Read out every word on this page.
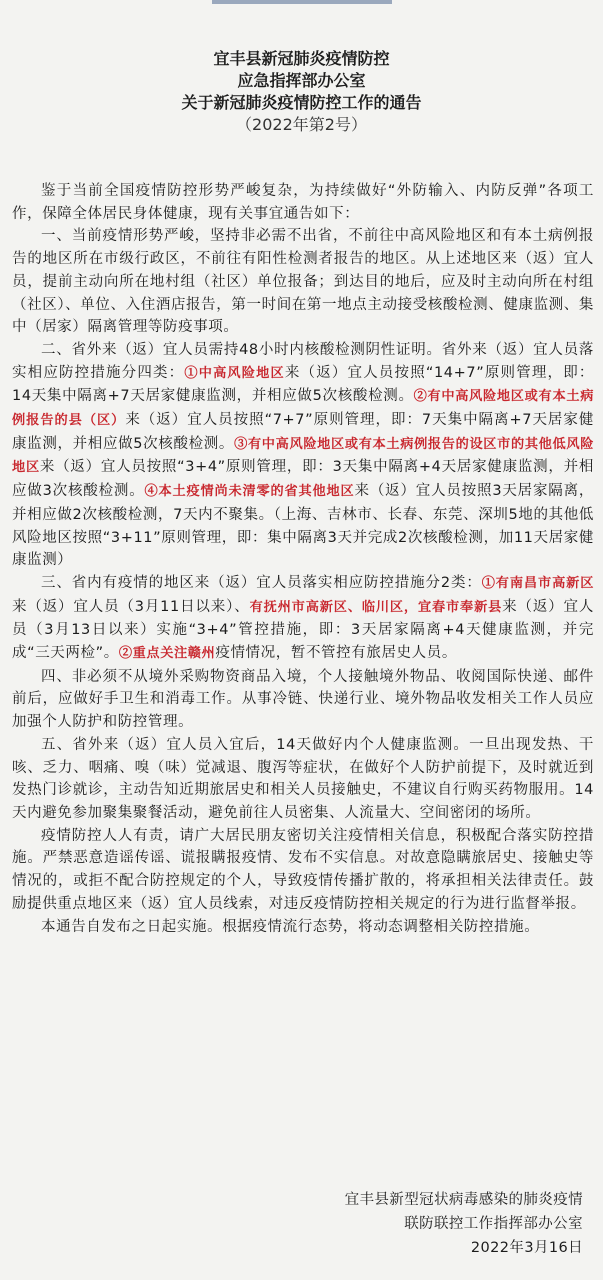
宜丰县新冠肺炎疫情防控
应急指挥部办公室
关于新冠肺炎疫情防控工作的通告
（2022年第2号）

鉴于当前全国疫情防控形势严峻复杂，为持续做好“外防输入、内防反弹”各项工作，保障全体居民身体健康，现有关事宜通告如下：

一、当前疫情形势严峻，坚持非必需不出省，不前往中高风险地区和有本土病例报告的地区所在市级行政区，不前往有阳性检测者报告的地区。从上述地区来（返）宜人员，提前主动向所在地村组（社区）单位报备；到达目的地后，应及时主动向所在村组（社区）、单位、入住酒店报告，第一时间在第一地点主动接受核酸检测、健康监测、集中（居家）隔离管理等防疫事项。

二、省外来（返）宜人员需持48小时内核酸检测阴性证明。省外来（返）宜人员落实相应防控措施分四类：①中高风险地区来（返）宜人员按照“14+7”原则管理，即：14天集中隔离+7天居家健康监测，并相应做5次核酸检测。②有中高风险地区或有本土病例报告的县（区）来（返）宜人员按照“7+7”原则管理，即：7天集中隔离+7天居家健康监测，并相应做5次核酸检测。③有中高风险地区或有本土病例报告的设区市的其他低风险地区来（返）宜人员按照“3+4”原则管理，即：3天集中隔离+4天居家健康监测，并相应做3次核酸检测。④本土疫情尚未清零的省其他地区来（返）宜人员按照3天居家隔离，并相应做2次核酸检测，7天内不聚集。（上海、吉林市、长春、东莞、深圳5地的其他低风险地区按照“3+11”原则管理，即：集中隔离3天并完成2次核酸检测，加11天居家健康监测）

三、省内有疫情的地区来（返）宜人员落实相应防控措施分2类：①有南昌市高新区来（返）宜人员（3月11日以来）、有抚州市高新区、临川区，宜春市奉新县来（返）宜人员（3月13日以来）实施“3+4”管控措施，即：3天居家隔离+4天健康监测，并完成“三天两检”。②重点关注赣州疫情情况，暂不管控有旅居史人员。

四、非必须不从境外采购物资商品入境，个人接触境外物品、收阅国际快递、邮件前后，应做好手卫生和消毒工作。从事冷链、快递行业、境外物品收发相关工作人员应加强个人防护和防控管理。

五、省外来（返）宜人员入宜后，14天做好内个人健康监测。一旦出现发热、干咳、乏力、咽痛、嗅（味）觉减退、腹泻等症状，在做好个人防护前提下，及时就近到发热门诊就诊，主动告知近期旅居史和相关人员接触史，不建议自行购买药物服用。14天内避免参加聚集聚餐活动，避免前往人员密集、人流量大、空间密闭的场所。

疫情防控人人有责，请广大居民朋友密切关注疫情相关信息，积极配合落实防控措施。严禁恶意造谣传谣、谎报瞒报疫情、发布不实信息。对故意隐瞒旅居史、接触史等情况的，或拒不配合防控规定的个人，导致疫情传播扩散的，将承担相关法律责任。鼓励提供重点地区来（返）宜人员线索，对违反疫情防控相关规定的行为进行监督举报。

本通告自发布之日起实施。根据疫情流行态势，将动态调整相关防控措施。

宜丰县新型冠状病毒感染的肺炎疫情
联防联控工作指挥部办公室
2022年3月16日
